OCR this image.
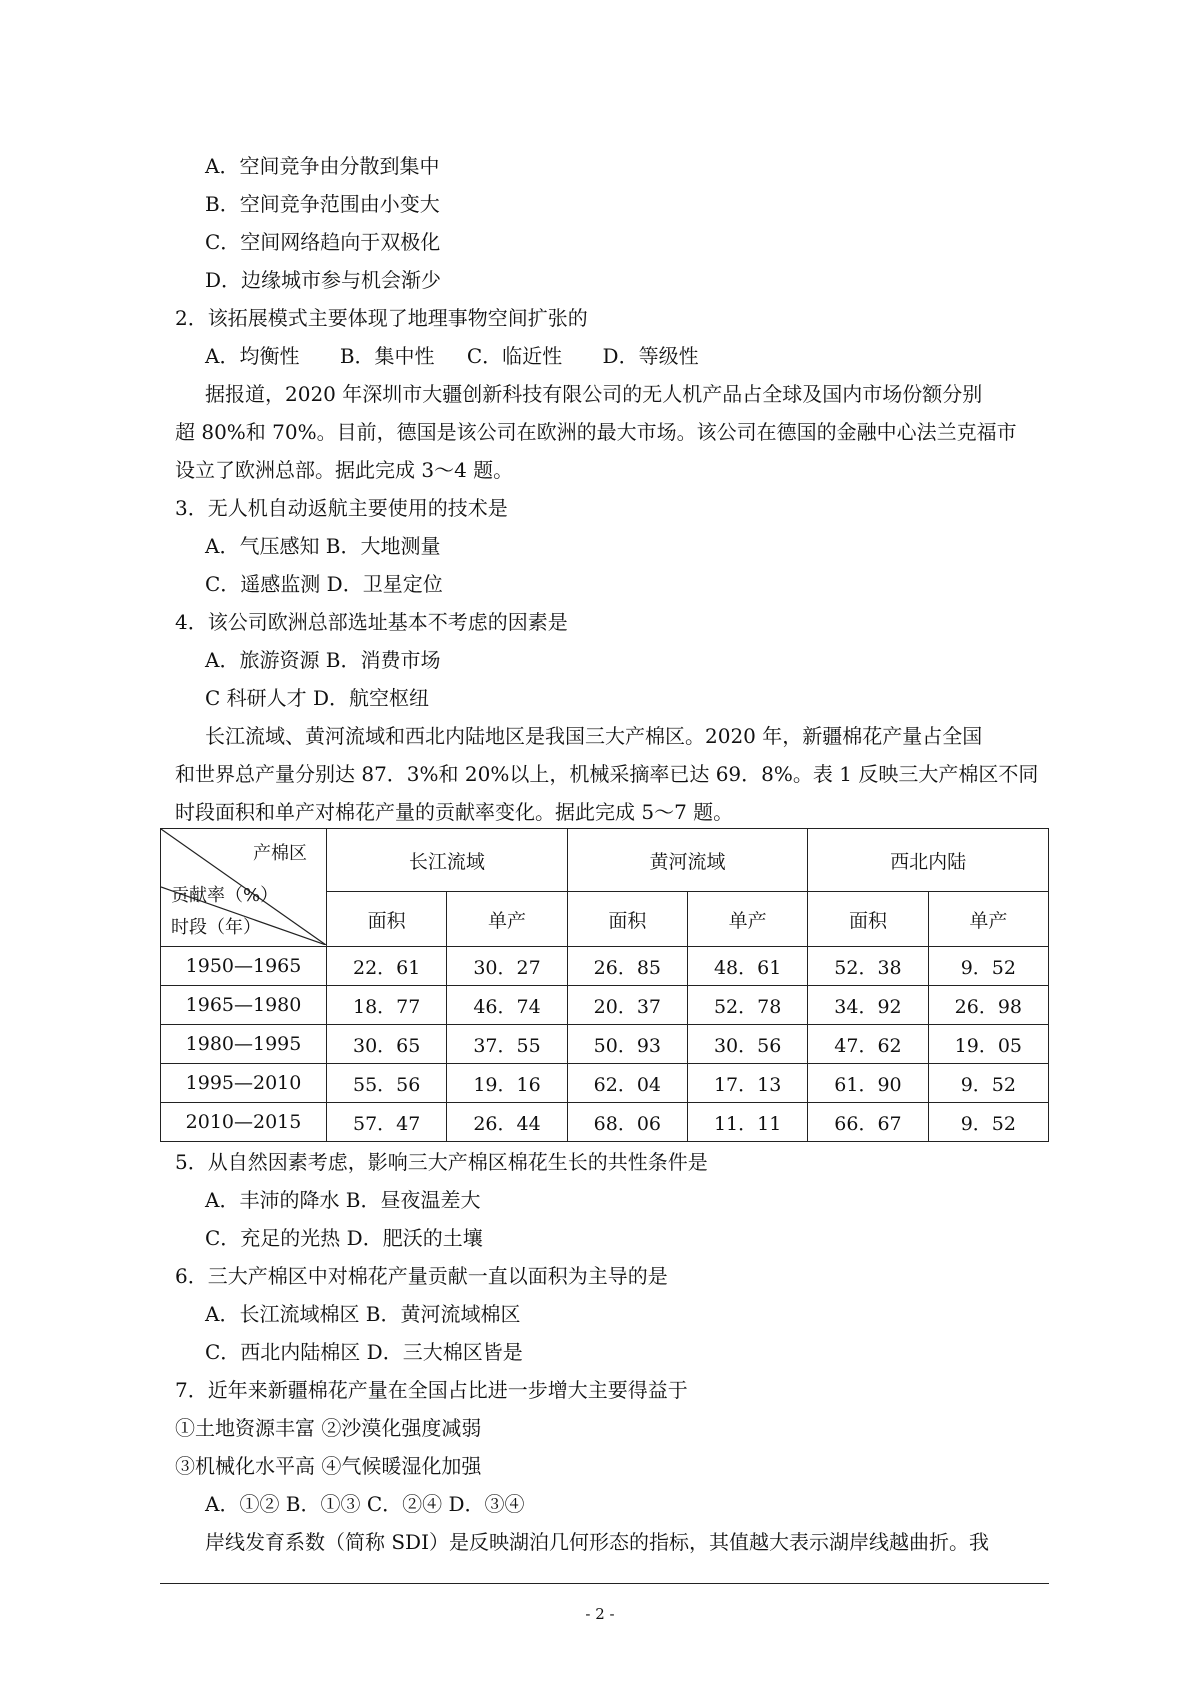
A．空间竞争由分散到集中
B．空间竞争范围由小变大
C．空间网络趋向于双极化
D．边缘城市参与机会渐少
2．该拓展模式主要体现了地理事物空间扩张的
A．均衡性 B．集中性 C．临近性 D．等级性
据报道，2020 年深圳市大疆创新科技有限公司的无人机产品占全球及国内市场份额分别
超 80%和 70%。目前，德国是该公司在欧洲的最大市场。该公司在德国的金融中心法兰克福市
设立了欧洲总部。据此完成 3～4 题。
3．无人机自动返航主要使用的技术是
A．气压感知 B．大地测量
C．遥感监测 D．卫星定位
4．该公司欧洲总部选址基本不考虑的因素是
A．旅游资源 B．消费市场
C 科研人才 D．航空枢纽
长江流域、黄河流域和西北内陆地区是我国三大产棉区。2020 年，新疆棉花产量占全国
和世界总产量分别达 87．3%和 20%以上，机械采摘率已达 69．8%。表 1 反映三大产棉区不同
时段面积和单产对棉花产量的贡献率变化。据此完成 5～7 题。
产棉区
贡献率（%）
时段（年）	长江流域		黄河流域		西北内陆	
	面积	单产	面积	单产	面积	单产
1950—1965	22．61	30．27	26．85	48．61	52．38	9．52
1965—1980	18．77	46．74	20．37	52．78	34．92	26．98
1980—1995	30．65	37．55	50．93	30．56	47．62	19．05
1995—2010	55．56	19．16	62．04	17．13	61．90	9．52
2010—2015	57．47	26．44	68．06	11．11	66．67	9．52
5．从自然因素考虑，影响三大产棉区棉花生长的共性条件是
A．丰沛的降水 B．昼夜温差大
C．充足的光热 D．肥沃的土壤
6．三大产棉区中对棉花产量贡献一直以面积为主导的是
A．长江流域棉区 B．黄河流域棉区
C．西北内陆棉区 D．三大棉区皆是
7．近年来新疆棉花产量在全国占比进一步增大主要得益于
①土地资源丰富 ②沙漠化强度减弱
③机械化水平高 ④气候暖湿化加强
A．①② B．①③ C．②④ D．③④
岸线发育系数（简称 SDI）是反映湖泊几何形态的指标，其值越大表示湖岸线越曲折。我
- 2 -
